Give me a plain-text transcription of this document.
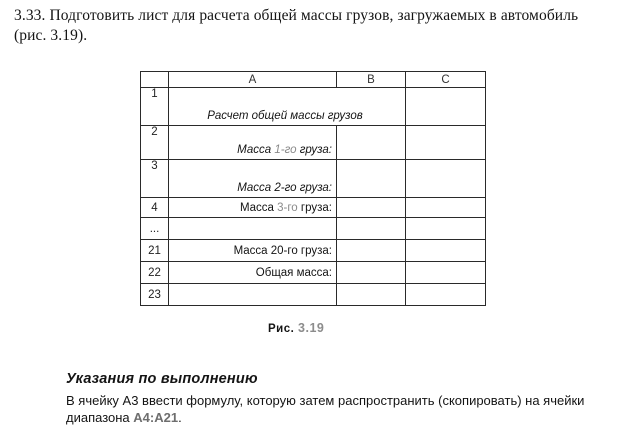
3.33. Подготовить лист для расчета общей массы грузов, загружаемых в автомобиль (рис. 3.19).
	A	B	C
1	Расчет общей массы грузов		
2	Масса 1-го груза:		
3	Масса 2-го груза:		
4	Масса 3-го груза:		
...			
21	Масса 20-го груза:		
22	Общая масса:		
23			
Рис. 3.19
Указания по выполнению
В ячейку А3 ввести формулу, которую затем распространить (скопировать) на ячейки диапазона А4:А21.
